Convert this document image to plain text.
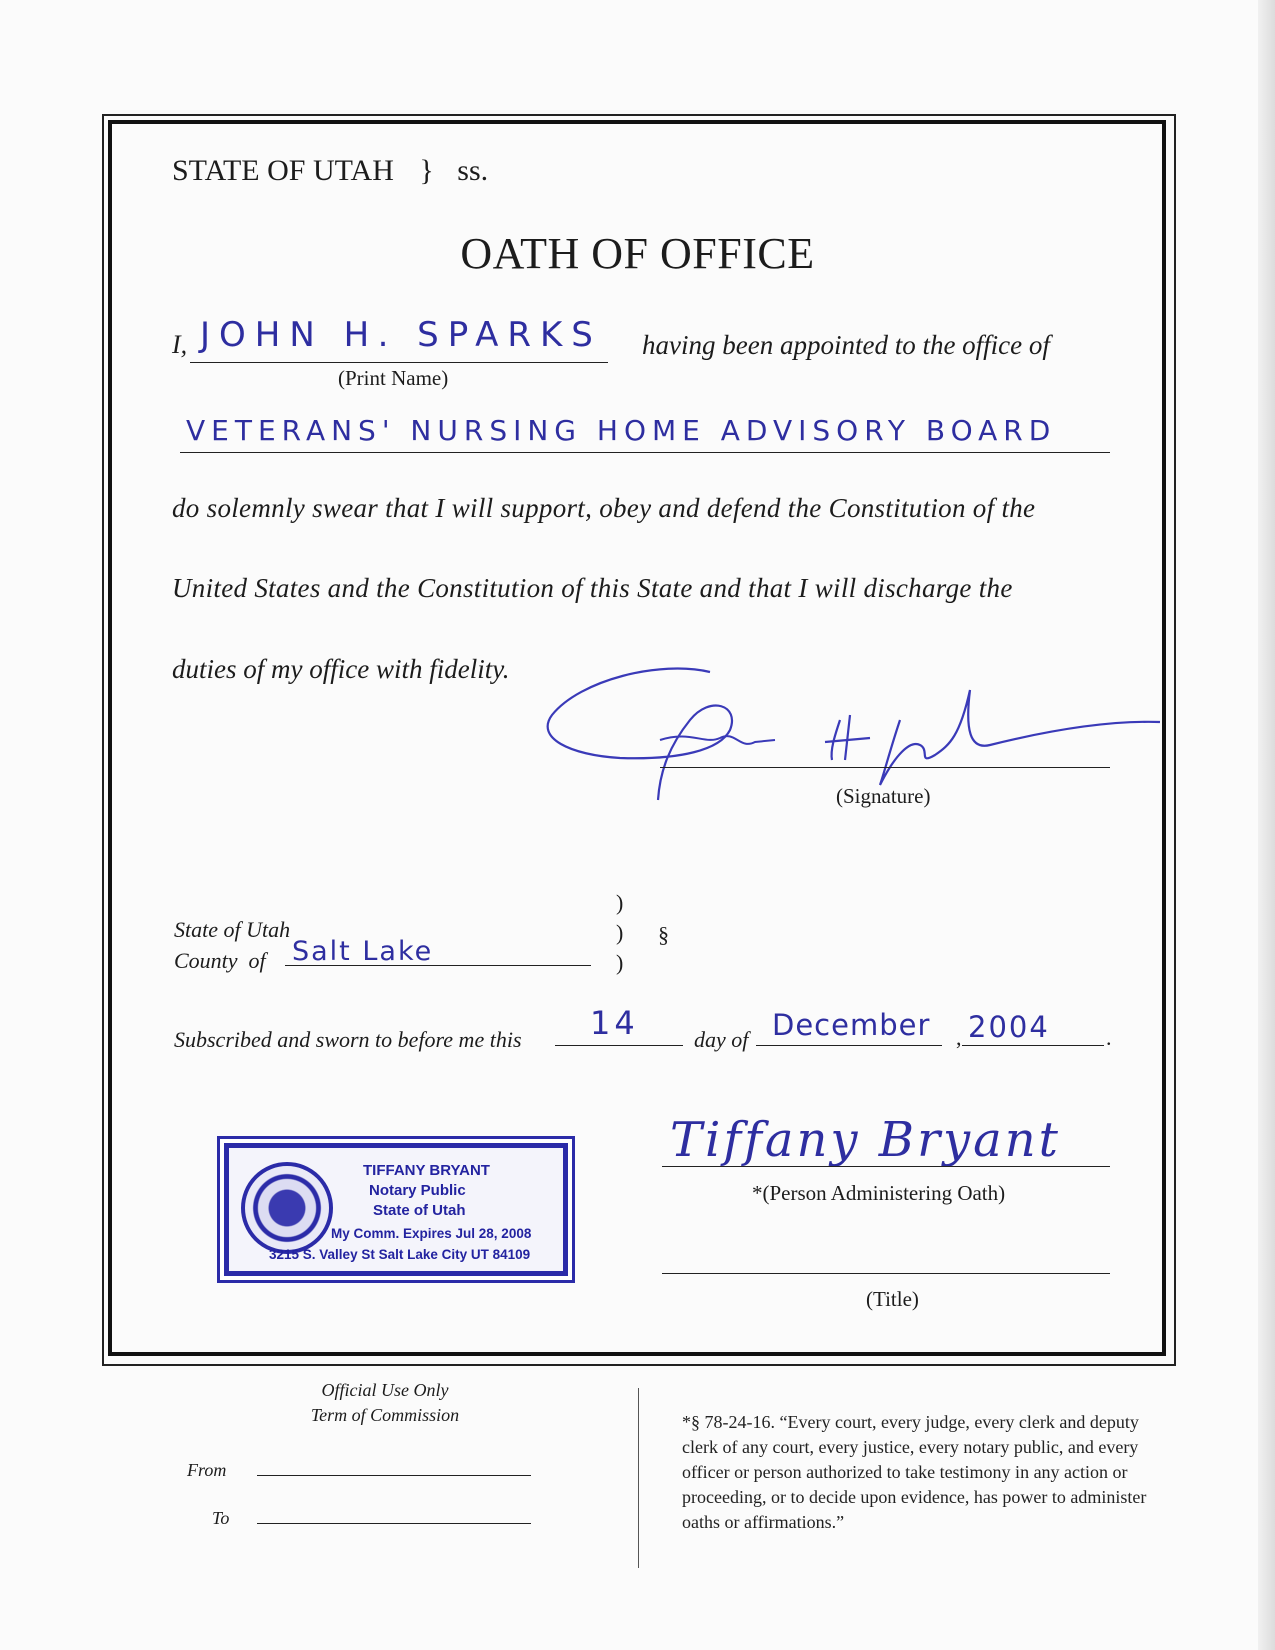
STATE OF UTAH } ss.
OATH OF OFFICE
I, JOHN H. SPARKS having been appointed to the office of
(Print Name)
VETERANS' NURSING HOME ADVISORY BOARD
do solemnly swear that I will support, obey and defend the Constitution of the
United States and the Constitution of this State and that I will discharge the
duties of my office with fidelity.
(Signature)
State of Utah
County  of Salt Lake
)
)
)
§
Subscribed and sworn to before me this 14	day of December , 2004	.
TIFFANY BRYANT
Notary Public
State of Utah
My Comm. Expires Jul 28, 2008
3215 S. Valley St Salt Lake City UT 84109
Tiffany Bryant
*(Person Administering Oath)
(Title)
Official Use Only
Term of Commission
From
To
*§ 78-24-16. “Every court, every judge, every clerk and deputy clerk of any court, every justice, every notary public, and every officer or person authorized to take testimony in any action or proceeding, or to decide upon evidence, has power to administer oaths or affirmations.”
